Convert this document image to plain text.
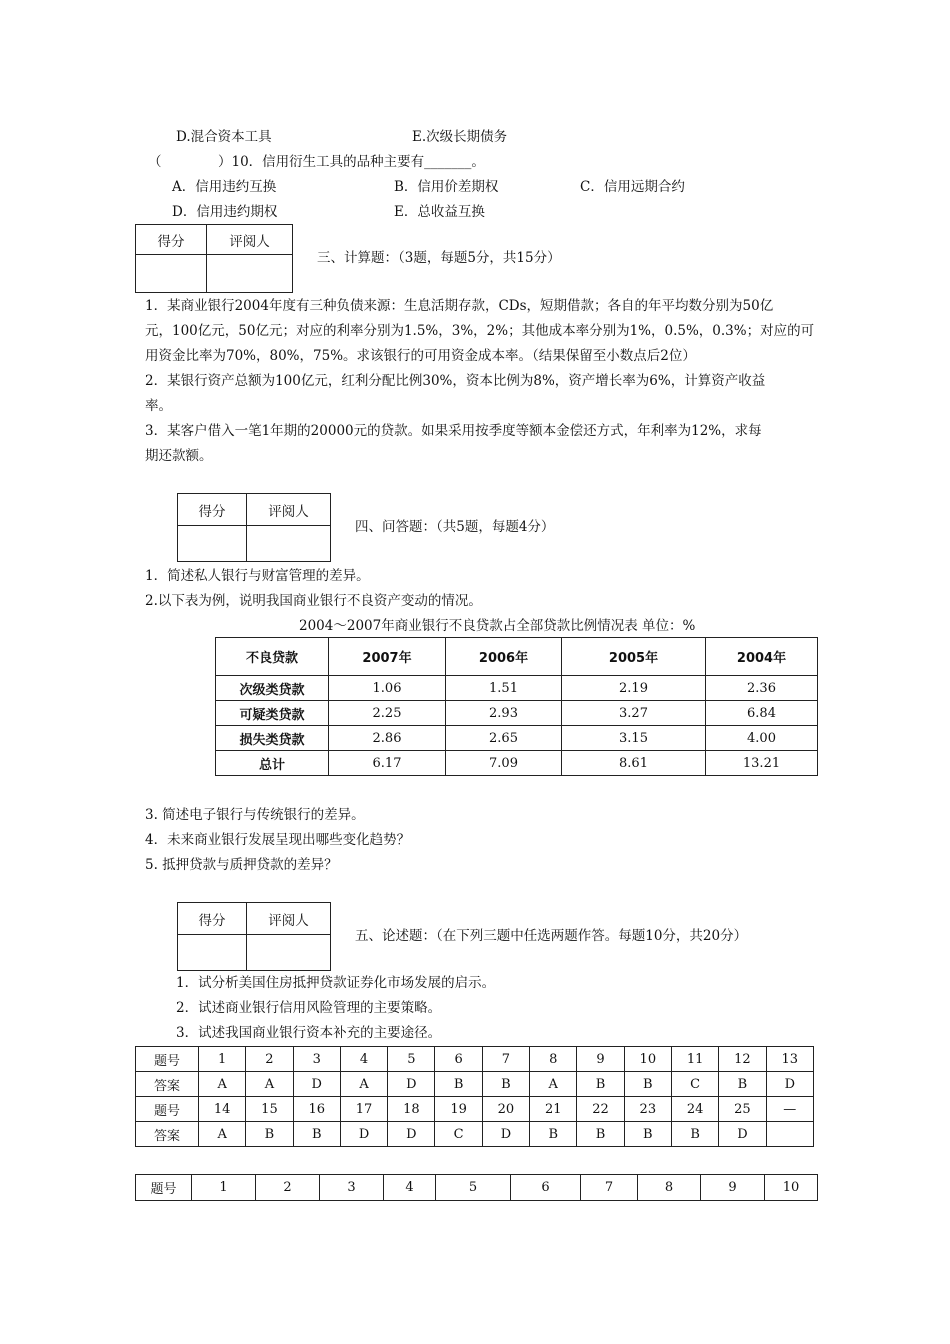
D.混合资本工具	E.次级长期债务
（	）10．信用衍生工具的品种主要有_______。
A．信用违约互换	B．信用价差期权	C．信用远期合约
D．信用违约期权	E．总收益互换
得分	评阅人

三、计算题：（3题，每题5分，共15分）
1．某商业银行2004年度有三种负债来源：生息活期存款，CDs，短期借款；各自的年平均数分别为50亿
元，100亿元，50亿元；对应的利率分别为1.5%，3%，2%；其他成本率分别为1%，0.5%，0.3%；对应的可
用资金比率为70%，80%，75%。求该银行的可用资金成本率。（结果保留至小数点后2位）
2．某银行资产总额为100亿元，红利分配比例30%，资本比例为8%，资产增长率为6%，计算资产收益
率。
3．某客户借入一笔1年期的20000元的贷款。如果采用按季度等额本金偿还方式，年利率为12%，求每
期还款额。
得分	评阅人

四、问答题：（共5题，每题4分）
1．简述私人银行与财富管理的差异。
2.以下表为例，说明我国商业银行不良资产变动的情况。
2004～2007年商业银行不良贷款占全部贷款比例情况表 单位：%
不良贷款	2007年	2006年	2005年	2004年
次级类贷款	1.06	1.51	2.19	2.36
可疑类贷款	2.25	2.93	3.27	6.84
损失类贷款	2.86	2.65	3.15	4.00
总计	6.17	7.09	8.61	13.21
3. 简述电子银行与传统银行的差异。
4．未来商业银行发展呈现出哪些变化趋势？
5. 抵押贷款与质押贷款的差异？
得分	评阅人

五、论述题：（在下列三题中任选两题作答。每题10分，共20分）
1．试分析美国住房抵押贷款证券化市场发展的启示。
2．试述商业银行信用风险管理的主要策略。
3．试述我国商业银行资本补充的主要途径。
题号	1	2	3	4	5	6	7	8	9	10	11	12	13
答案	A	A	D	A	D	B	B	A	B	B	C	B	D
题号	14	15	16	17	18	19	20	21	22	23	24	25	—
答案	A	B	B	D	D	C	D	B	B	B	B	D	
题号	1	2	3	4	5	6	7	8	9	10
